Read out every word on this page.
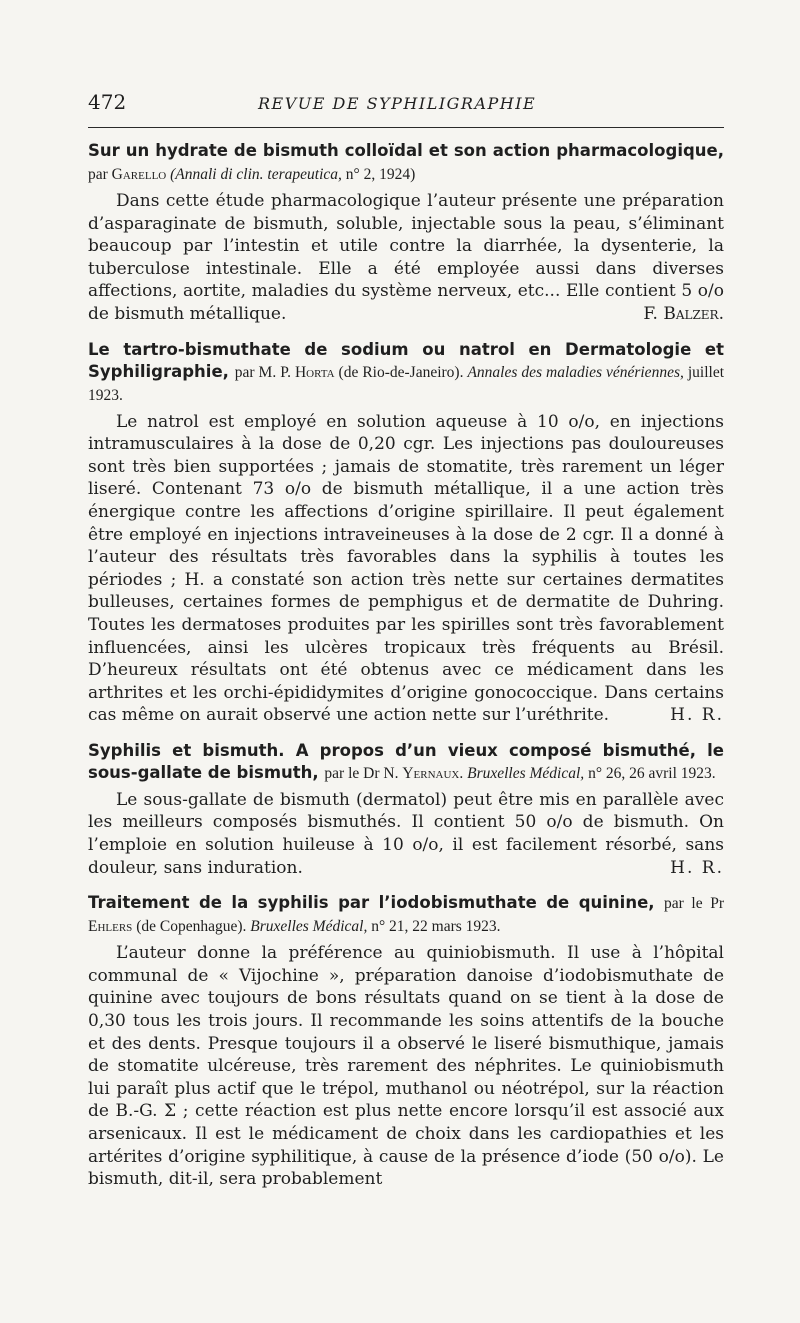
472	REVUE DE SYPHILIGRAPHIE

Sur un hydrate de bismuth colloïdal et son action pharmacologique, par Garello (Annali di clin. terapeutica, n° 2, 1924)

Dans cette étude pharmacologique l’auteur présente une préparation d’asparaginate de bismuth, soluble, injectable sous la peau, s’éliminant beaucoup par l’intestin et utile contre la diarrhée, la dysenterie, la tuberculose intestinale. Elle a été employée aussi dans diverses affections, aortite, maladies du système nerveux, etc... Elle contient 5 o/o de bismuth métallique.	F. Balzer.

Le tartro-bismuthate de sodium ou natrol en Dermatologie et Syphiligraphie, par M. P. Horta (de Rio-de-Janeiro). Annales des maladies vénériennes, juillet 1923.

Le natrol est employé en solution aqueuse à 10 o/o, en injections intramusculaires à la dose de 0,20 cgr. Les injections pas douloureuses sont très bien supportées ; jamais de stomatite, très rarement un léger liseré. Contenant 73 o/o de bismuth métallique, il a une action très énergique contre les affections d’origine spirillaire. Il peut également être employé en injections intraveineuses à la dose de 2 cgr. Il a donné à l’auteur des résultats très favorables dans la syphilis à toutes les périodes ; H. a constaté son action très nette sur certaines dermatites bulleuses, certaines formes de pemphigus et de dermatite de Duhring. Toutes les dermatoses produites par les spirilles sont très favorablement influencées, ainsi les ulcères tropicaux très fréquents au Brésil. D’heureux résultats ont été obtenus avec ce médicament dans les arthrites et les orchi-épididymites d’origine gonococcique. Dans certains cas même on aurait observé une action nette sur l’uréthrite.	H. R.

Syphilis et bismuth. A propos d’un vieux composé bismuthé, le sous-gallate de bismuth, par le Dr N. Yernaux. Bruxelles Médical, n° 26, 26 avril 1923.

Le sous-gallate de bismuth (dermatol) peut être mis en parallèle avec les meilleurs composés bismuthés. Il contient 50 o/o de bismuth. On l’emploie en solution huileuse à 10 o/o, il est facilement résorbé, sans douleur, sans induration.	H. R.

Traitement de la syphilis par l’iodobismuthate de quinine, par le Pr Ehlers (de Copenhague). Bruxelles Médical, n° 21, 22 mars 1923.

L’auteur donne la préférence au quiniobismuth. Il use à l’hôpital communal de « Vijochine », préparation danoise d’iodobismuthate de quinine avec toujours de bons résultats quand on se tient à la dose de 0,30 tous les trois jours. Il recommande les soins attentifs de la bouche et des dents. Presque toujours il a observé le liseré bismuthique, jamais de stomatite ulcéreuse, très rarement des néphrites. Le quiniobismuth lui paraît plus actif que le trépol, muthanol ou néotrépol, sur la réaction de B.-G. Σ ; cette réaction est plus nette encore lorsqu’il est associé aux arsenicaux. Il est le médicament de choix dans les cardiopathies et les artérites d’origine syphilitique, à cause de la présence d’iode (50 o/o). Le bismuth, dit-il, sera probablement
